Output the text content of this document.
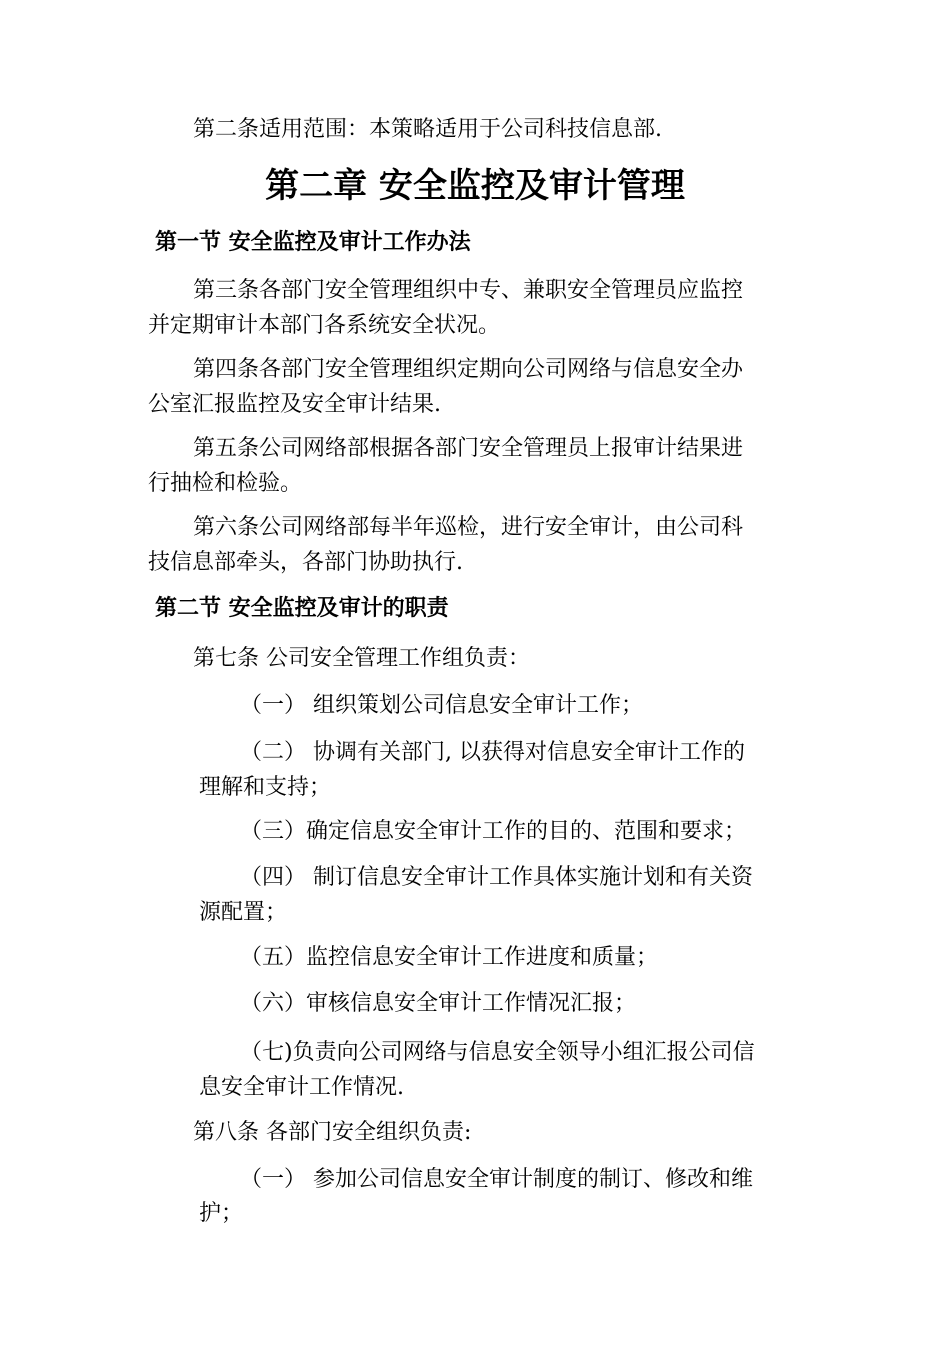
第二条适用范围：本策略适用于公司科技信息部.

第二章 安全监控及审计管理
第一节 安全监控及审计工作办法

第三条各部门安全管理组织中专、兼职安全管理员应监控

并定期审计本部门各系统安全状况。

第四条各部门安全管理组织定期向公司网络与信息安全办

公室汇报监控及安全审计结果.

第五条公司网络部根据各部门安全管理员上报审计结果进

行抽检和检验。

第六条公司网络部每半年巡检，进行安全审计，由公司科

技信息部牵头，各部门协助执行.

第二节 安全监控及审计的职责

第七条 公司安全管理工作组负责：

（一） 组织策划公司信息安全审计工作；

（二） 协调有关部门, 以获得对信息安全审计工作的

理解和支持；

（三）确定信息安全审计工作的目的、范围和要求；

（四） 制订信息安全审计工作具体实施计划和有关资

源配置；

（五）监控信息安全审计工作进度和质量；

（六）审核信息安全审计工作情况汇报；

（七)负责向公司网络与信息安全领导小组汇报公司信

息安全审计工作情况.

第八条 各部门安全组织负责:

（一） 参加公司信息安全审计制度的制订、修改和维

护；
